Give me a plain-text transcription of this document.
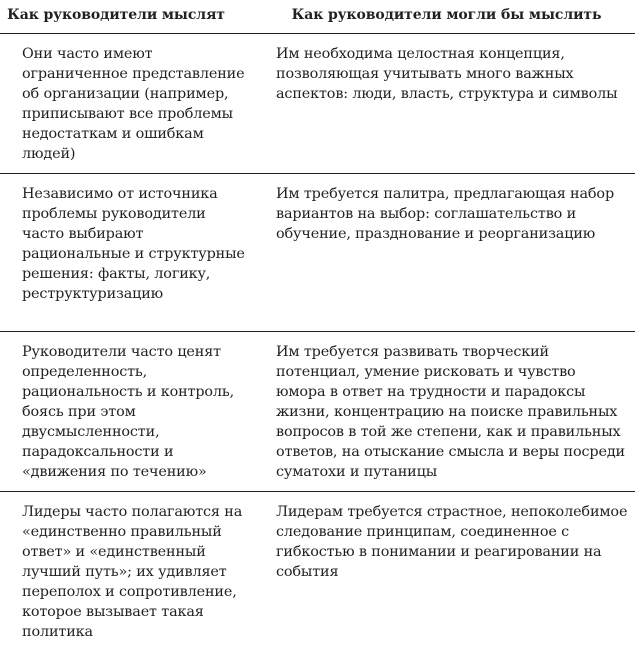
Как руководители мыслят	Как руководители могли бы мыслить
Они часто имеют ограниченное представление об организации (например, приписывают все проблемы недостаткам и ошибкам людей)	Им необходима целостная концепция, позволяющая учитывать много важных аспектов: люди, власть, структура и символы
Независимо от источника проблемы руководители часто выбирают рациональные и структурные решения: факты, логику, реструктуризацию	Им требуется палитра, предлагающая набор вариантов на выбор: соглашательство и обучение, празднование и реорганизацию
Руководители часто ценят определенность, рациональность и контроль, боясь при этом двусмысленности, парадоксальности и «движения по течению»	Им требуется развивать творческий потенциал, умение рисковать и чувство юмора в ответ на трудности и парадоксы жизни, концентрацию на поиске правильных вопросов в той же степени, как и правильных ответов, на отыскание смысла и веры посреди суматохи и путаницы
Лидеры часто полагаются на «единственно правильный ответ» и «единственный лучший путь»; их удивляет переполох и сопротивление, которое вызывает такая политика	Лидерам требуется страстное, непоколебимое следование принципам, соединенное с гибкостью в понимании и реагировании на события
